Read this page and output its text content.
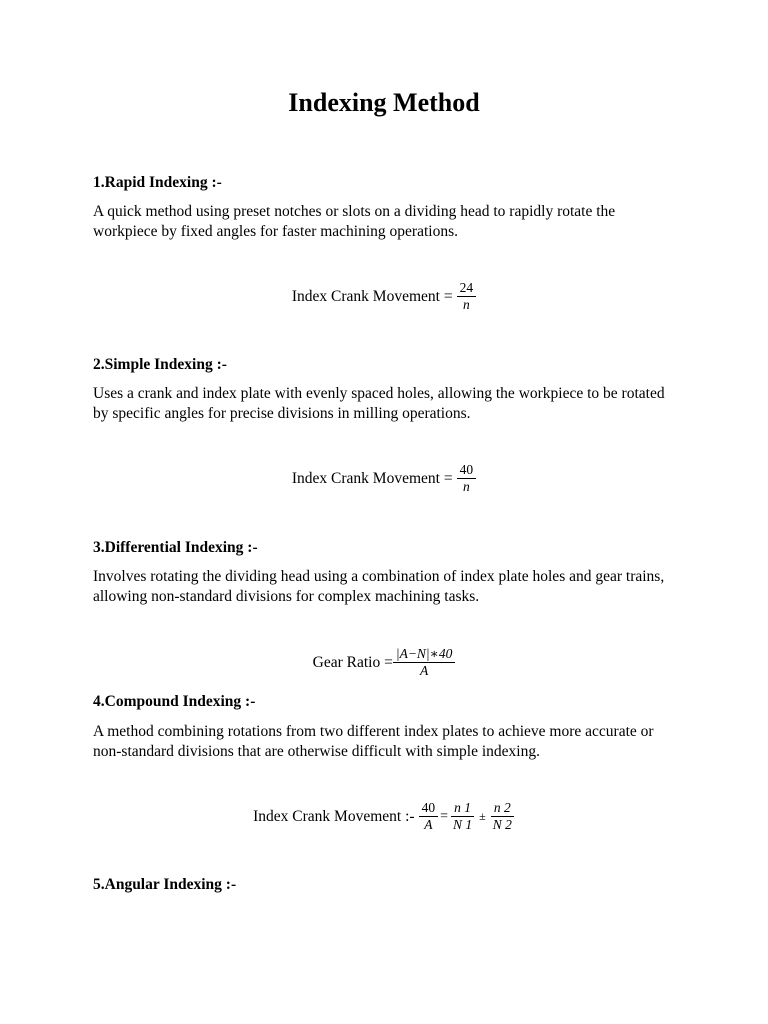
Indexing Method

1.Rapid Indexing :-

A quick method using preset notches or slots on a dividing head to rapidly rotate the workpiece by fixed angles for faster machining operations.

Index Crank Movement = $\frac{24}{n}$

2.Simple Indexing :-

Uses a crank and index plate with evenly spaced holes, allowing the workpiece to be rotated by specific angles for precise divisions in milling operations.

Index Crank Movement = $\frac{40}{n}$

3.Differential Indexing :-

Involves rotating the dividing head using a combination of index plate holes and gear trains, allowing non-standard divisions for complex machining tasks.

Gear Ratio = $\frac{|A-N|∗40}{A}$

4.Compound Indexing :-

A method combining rotations from two different index plates to achieve more accurate or non-standard divisions that are otherwise difficult with simple indexing.

Index Crank Movement :- $\frac{40}{A} = \frac{n 1}{N 1} \pm \frac{n 2}{N 2}$

5.Angular Indexing :-
